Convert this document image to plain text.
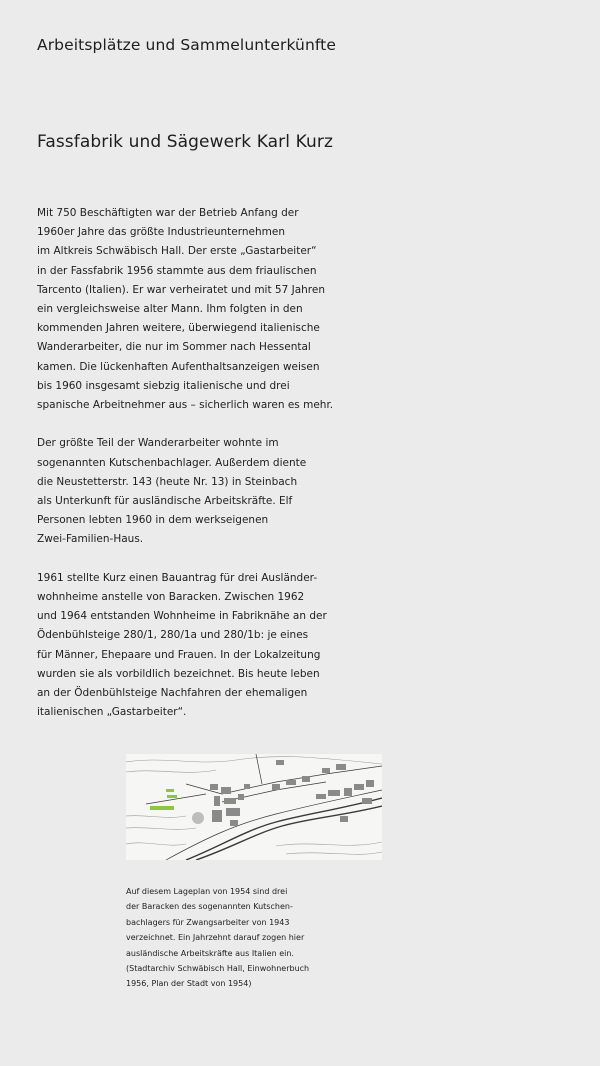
Arbeitsplätze und Sammelunterkünfte
Fassfabrik und Sägewerk Karl Kurz

Mit 750 Beschäftigten war der Betrieb Anfang der
1960er Jahre das größte Industrieunternehmen
im Altkreis Schwäbisch Hall. Der erste „Gastarbeiter“
in der Fassfabrik 1956 stammte aus dem friaulischen
Tarcento (Italien). Er war verheiratet und mit 57 Jahren
ein vergleichsweise alter Mann. Ihm folgten in den
kommenden Jahren weitere, überwiegend italienische
Wanderarbeiter, die nur im Sommer nach Hessental
kamen. Die lückenhaften Aufenthaltsanzeigen weisen
bis 1960 insgesamt siebzig italienische und drei
spanische Arbeitnehmer aus – sicherlich waren es mehr.

Der größte Teil der Wanderarbeiter wohnte im
sogenannten Kutschenbachlager. Außerdem diente
die Neustetterstr. 143 (heute Nr. 13) in Steinbach
als Unterkunft für ausländische Arbeitskräfte. Elf
Personen lebten 1960 in dem werkseigenen
Zwei-Familien-Haus.

1961 stellte Kurz einen Bauantrag für drei Ausländer-
wohnheime anstelle von Baracken. Zwischen 1962
und 1964 entstanden Wohnheime in Fabriknähe an der
Ödenbühlsteige 280/1, 280/1a und 280/1b: je eines
für Männer, Ehepaare und Frauen. In der Lokalzeitung
wurden sie als vorbildlich bezeichnet. Bis heute leben
an der Ödenbühlsteige Nachfahren der ehemaligen
italienischen „Gastarbeiter“.

Auf diesem Lageplan von 1954 sind drei
der Baracken des sogenannten Kutschen-
bachlagers für Zwangsarbeiter von 1943
verzeichnet. Ein Jahrzehnt darauf zogen hier
ausländische Arbeitskräfte aus Italien ein.
(Stadtarchiv Schwäbisch Hall, Einwohnerbuch
1956, Plan der Stadt von 1954)
